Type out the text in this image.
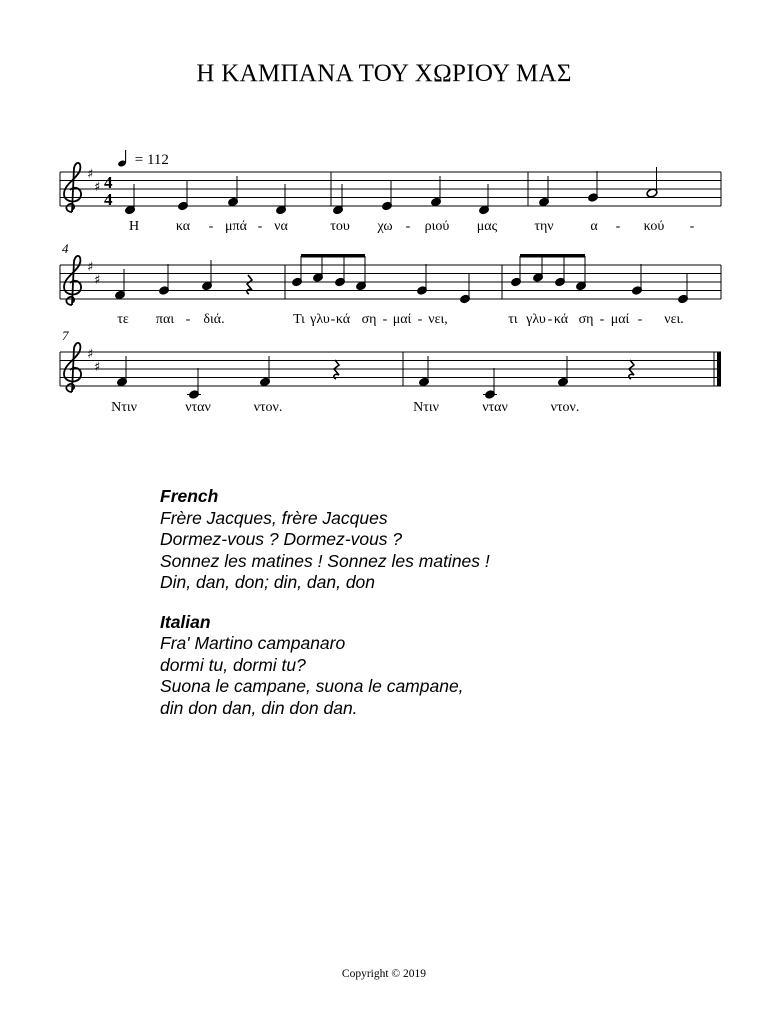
Η ΚΑΜΠΑΝΑ ΤΟΥ ΧΩΡΙΟΥ ΜΑΣ
= 112
♯
♯
♯
♯
♯
♯
4
4
4
7
Η	κα - μπά - να	του χω - ριού μας	την	α - κού -
τε παι - διά.	Τι γλυ - κά ση - μαί - νει,	τι γλυ - κά ση - μαί - νει.
Ντιν	νταν	ντον.	Ντιν	νταν	ντον.
French
Frère Jacques, frère Jacques
Dormez-vous ? Dormez-vous ?
Sonnez les matines ! Sonnez les matines !
Din, dan, don; din, dan, don
Italian
Fra' Martino campanaro
dormi tu, dormi tu?
Suona le campane, suona le campane,
din don dan, din don dan.
Copyright © 2019
